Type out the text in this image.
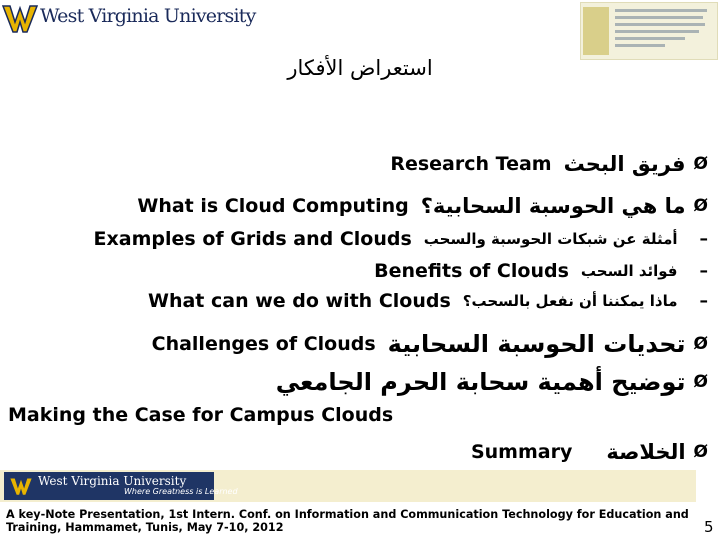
West Virginia University
استعراض الأفكار
Ø
فريق البحث
Research Team
Ø
ما هي الحوسبة السحابية؟
What is Cloud Computing
–
أمثلة عن شبكات الحوسبة والسحب
Examples of Grids and Clouds
–
فوائد السحب
Benefits of Clouds
–
ماذا يمكننا أن نفعل بالسحب؟
What can we do with Clouds
Ø
تحديات الحوسبة السحابية
Challenges of Clouds
Ø
توضيح أهمية سحابة الحرم الجامعي
Making the Case for Campus Clouds
Ø
الخلاصة
Summary
West Virginia University
Where Greatness is Learned
A key-Note Presentation, 1st Intern. Conf. on Information and Communication Technology for Education and Training, Hammamet, Tunis, May 7-10, 2012	5
